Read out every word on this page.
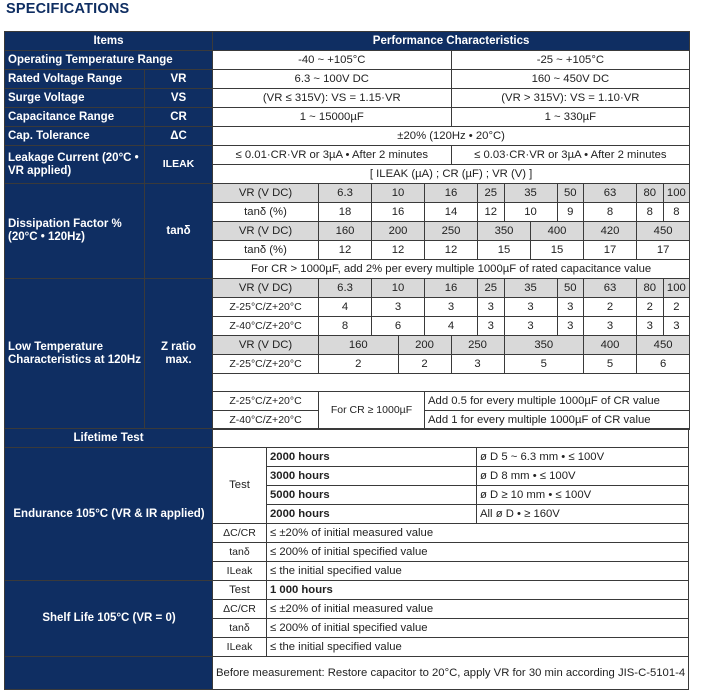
SPECIFICATIONS
Items		Performance Characteristics												
Operating Temperature Range		-40 ~ +105°C					-25 ~ +105°C							
Rated Voltage Range	VR	6.3 ~ 100V DC					160 ~ 450V DC							
Surge Voltage	VS	(VR ≤ 315V): VS = 1.15·VR					(VR > 315V): VS = 1.10·VR							
Capacitance Range	CR	1 ~ 15000µF					1 ~ 330µF							
Cap. Tolerance	ΔC	±20% (120Hz • 20°C)												
Leakage Current (20°C • VR applied)	ILEAK	≤ 0.01·CR·VR or 3µA • After 2 minutes					≤ 0.03·CR·VR or 3µA • After 2 minutes							
		[ ILEAK (µA) ; CR (µF) ; VR (V) ]												
Dissipation Factor % (20°C • 120Hz)	tanδ	VR (V DC)	6.3	10		16		25	35		50	63	80	100
		tanδ (%)	18	16		14		12	10		9	8	8	8
		VR (V DC)	160	200		250		350		400		420	450	
		tanδ (%)	12	12		12		15		15		17	17	
		For CR > 1000µF, add 2% per every multiple 1000µF of rated capacitance value												
Low Temperature Characteristics at 120Hz	Z ratio max.	VR (V DC)	6.3	10		16		25	35		50	63	80	100
		Z-25°C/Z+20°C	4	3		3		3	3		3	2	2	2
		Z-40°C/Z+20°C	8	6		4		3	3		3	3	3	3
		VR (V DC)	160		200		250		350			400	450	
		Z-25°C/Z+20°C	2		2		3		5			5	6	

		Z-25°C/Z+20°C	For CR ≥ 1000µF			Add 0.5 for every multiple 1000µF of CR value								
		Z-40°C/Z+20°C				Add 1 for every multiple 1000µF of CR value								
Lifetime Test			
Endurance 105°C (VR & IR applied)	Test	2000 hours	ø D 5 ~ 6.3 mm • ≤ 100V
		3000 hours	ø D 8 mm • ≤ 100V
		5000 hours	ø D ≥ 10 mm • ≤ 100V
		2000 hours	All ø D • ≥ 160V
	ΔC/CR	≤ ±20% of initial measured value	
	tanδ	≤ 200% of initial specified value	
	ILeak	≤ the initial specified value	
Shelf Life 105°C (VR = 0)	Test	1 000 hours	
	ΔC/CR	≤ ±20% of initial measured value	
	tanδ	≤ 200% of initial specified value	
	ILeak	≤ the initial specified value	
	Before measurement: Restore capacitor to 20°C, apply VR for 30 min according JIS-C-5101-4		
